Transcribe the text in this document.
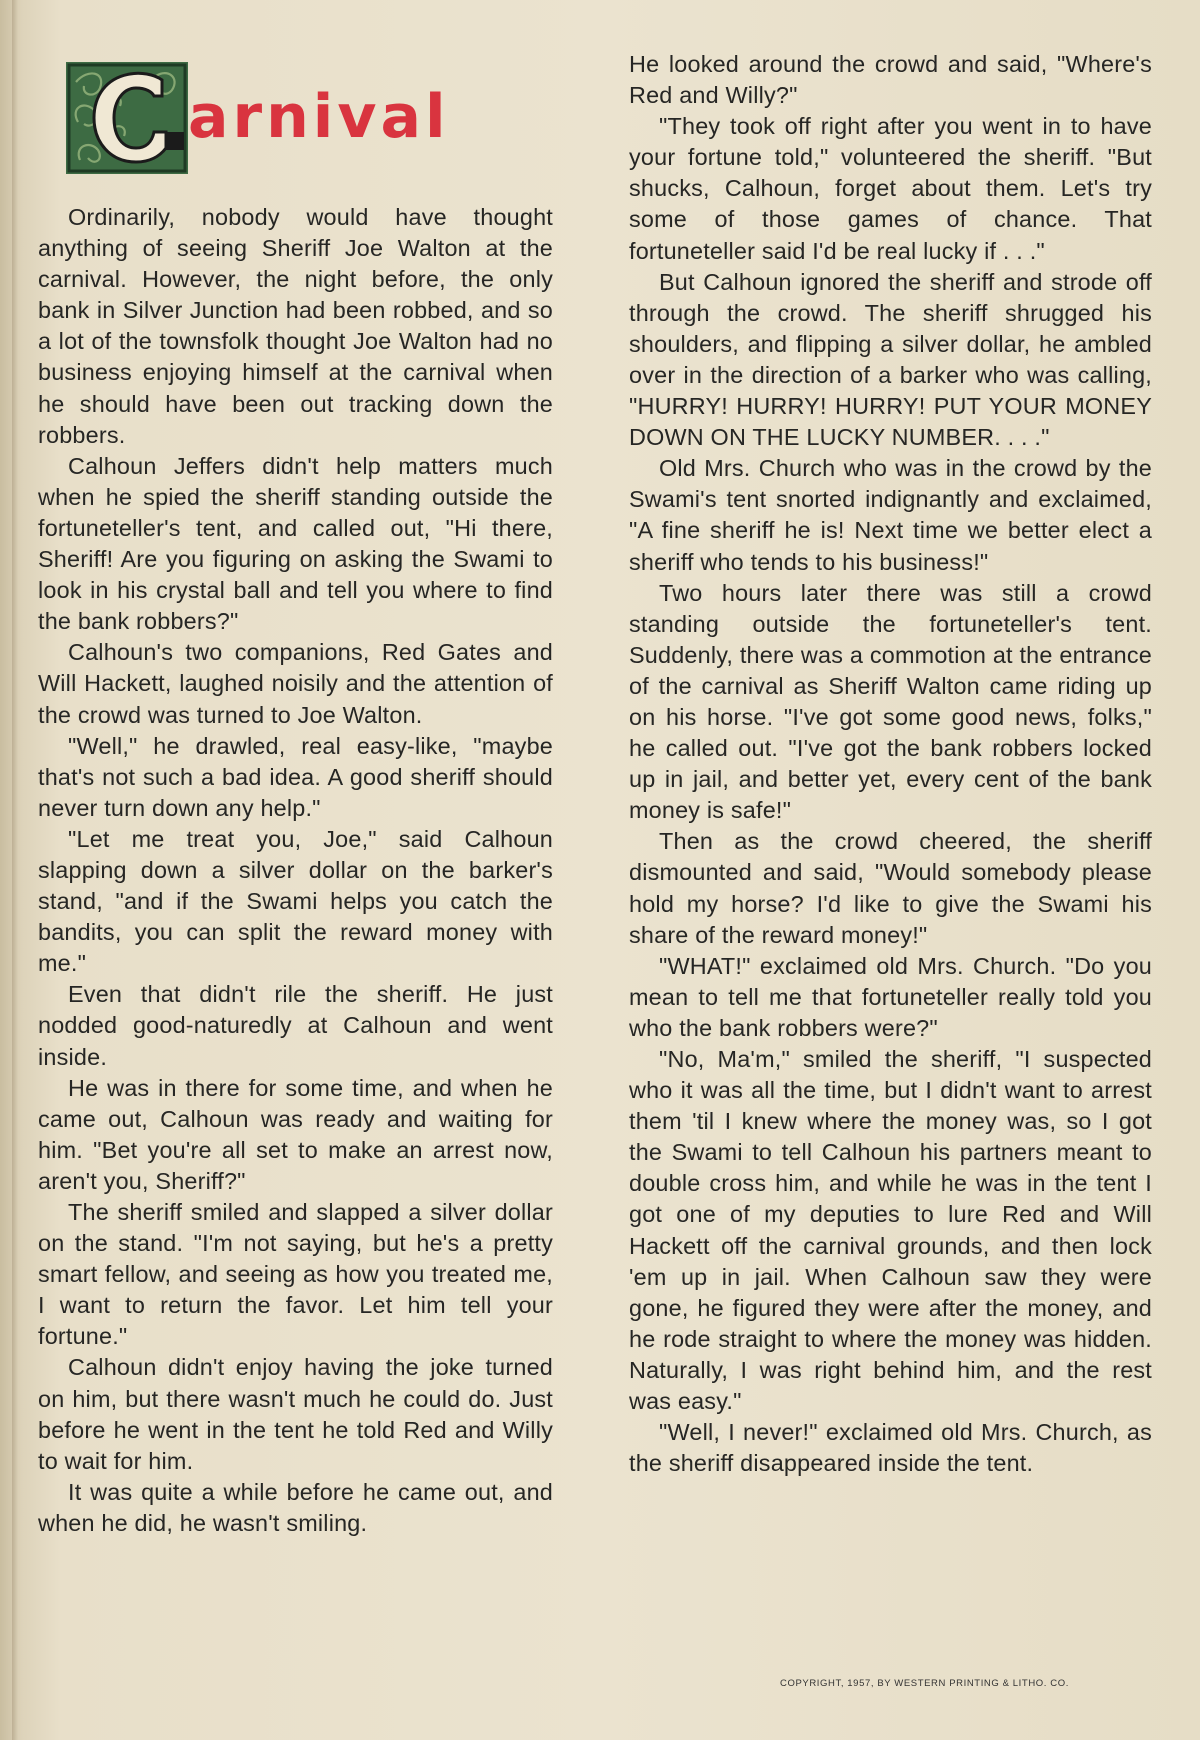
arnival

Ordinarily, nobody would have thought anything of seeing Sheriff Joe Walton at the carnival. However, the night before, the only bank in Silver Junction had been robbed, and so a lot of the townsfolk thought Joe Walton had no business enjoying himself at the carnival when he should have been out tracking down the robbers.

Calhoun Jeffers didn't help matters much when he spied the sheriff standing outside the fortuneteller's tent, and called out, "Hi there, Sheriff! Are you figuring on asking the Swami to look in his crystal ball and tell you where to find the bank robbers?"

Calhoun's two companions, Red Gates and Will Hackett, laughed noisily and the attention of the crowd was turned to Joe Walton.

"Well," he drawled, real easy-like, "maybe that's not such a bad idea. A good sheriff should never turn down any help."

"Let me treat you, Joe," said Calhoun slapping down a silver dollar on the barker's stand, "and if the Swami helps you catch the bandits, you can split the reward money with me."

Even that didn't rile the sheriff. He just nodded good-naturedly at Calhoun and went inside.

He was in there for some time, and when he came out, Calhoun was ready and waiting for him. "Bet you're all set to make an arrest now, aren't you, Sheriff?"

The sheriff smiled and slapped a silver dollar on the stand. "I'm not saying, but he's a pretty smart fellow, and seeing as how you treated me, I want to return the favor. Let him tell your fortune."

Calhoun didn't enjoy having the joke turned on him, but there wasn't much he could do. Just before he went in the tent he told Red and Willy to wait for him.

It was quite a while before he came out, and when he did, he wasn't smiling.

He looked around the crowd and said, "Where's Red and Willy?"

"They took off right after you went in to have your fortune told," volunteered the sheriff. "But shucks, Calhoun, forget about them. Let's try some of those games of chance. That fortuneteller said I'd be real lucky if . . ."

But Calhoun ignored the sheriff and strode off through the crowd. The sheriff shrugged his shoulders, and flipping a silver dollar, he ambled over in the direction of a barker who was calling, "HURRY! HURRY! HURRY! PUT YOUR MONEY DOWN ON THE LUCKY NUMBER. . . ."

Old Mrs. Church who was in the crowd by the Swami's tent snorted indignantly and exclaimed, "A fine sheriff he is! Next time we better elect a sheriff who tends to his business!"

Two hours later there was still a crowd standing outside the fortuneteller's tent. Suddenly, there was a commotion at the entrance of the carnival as Sheriff Walton came riding up on his horse. "I've got some good news, folks," he called out. "I've got the bank robbers locked up in jail, and better yet, every cent of the bank money is safe!"

Then as the crowd cheered, the sheriff dismounted and said, "Would somebody please hold my horse? I'd like to give the Swami his share of the reward money!"

"WHAT!" exclaimed old Mrs. Church. "Do you mean to tell me that fortuneteller really told you who the bank robbers were?"

"No, Ma'm," smiled the sheriff, "I suspected who it was all the time, but I didn't want to arrest them 'til I knew where the money was, so I got the Swami to tell Calhoun his partners meant to double cross him, and while he was in the tent I got one of my deputies to lure Red and Will Hackett off the carnival grounds, and then lock 'em up in jail. When Calhoun saw they were gone, he figured they were after the money, and he rode straight to where the money was hidden. Naturally, I was right behind him, and the rest was easy."

"Well, I never!" exclaimed old Mrs. Church, as the sheriff disappeared inside the tent.

COPYRIGHT, 1957, BY WESTERN PRINTING & LITHO. CO.
